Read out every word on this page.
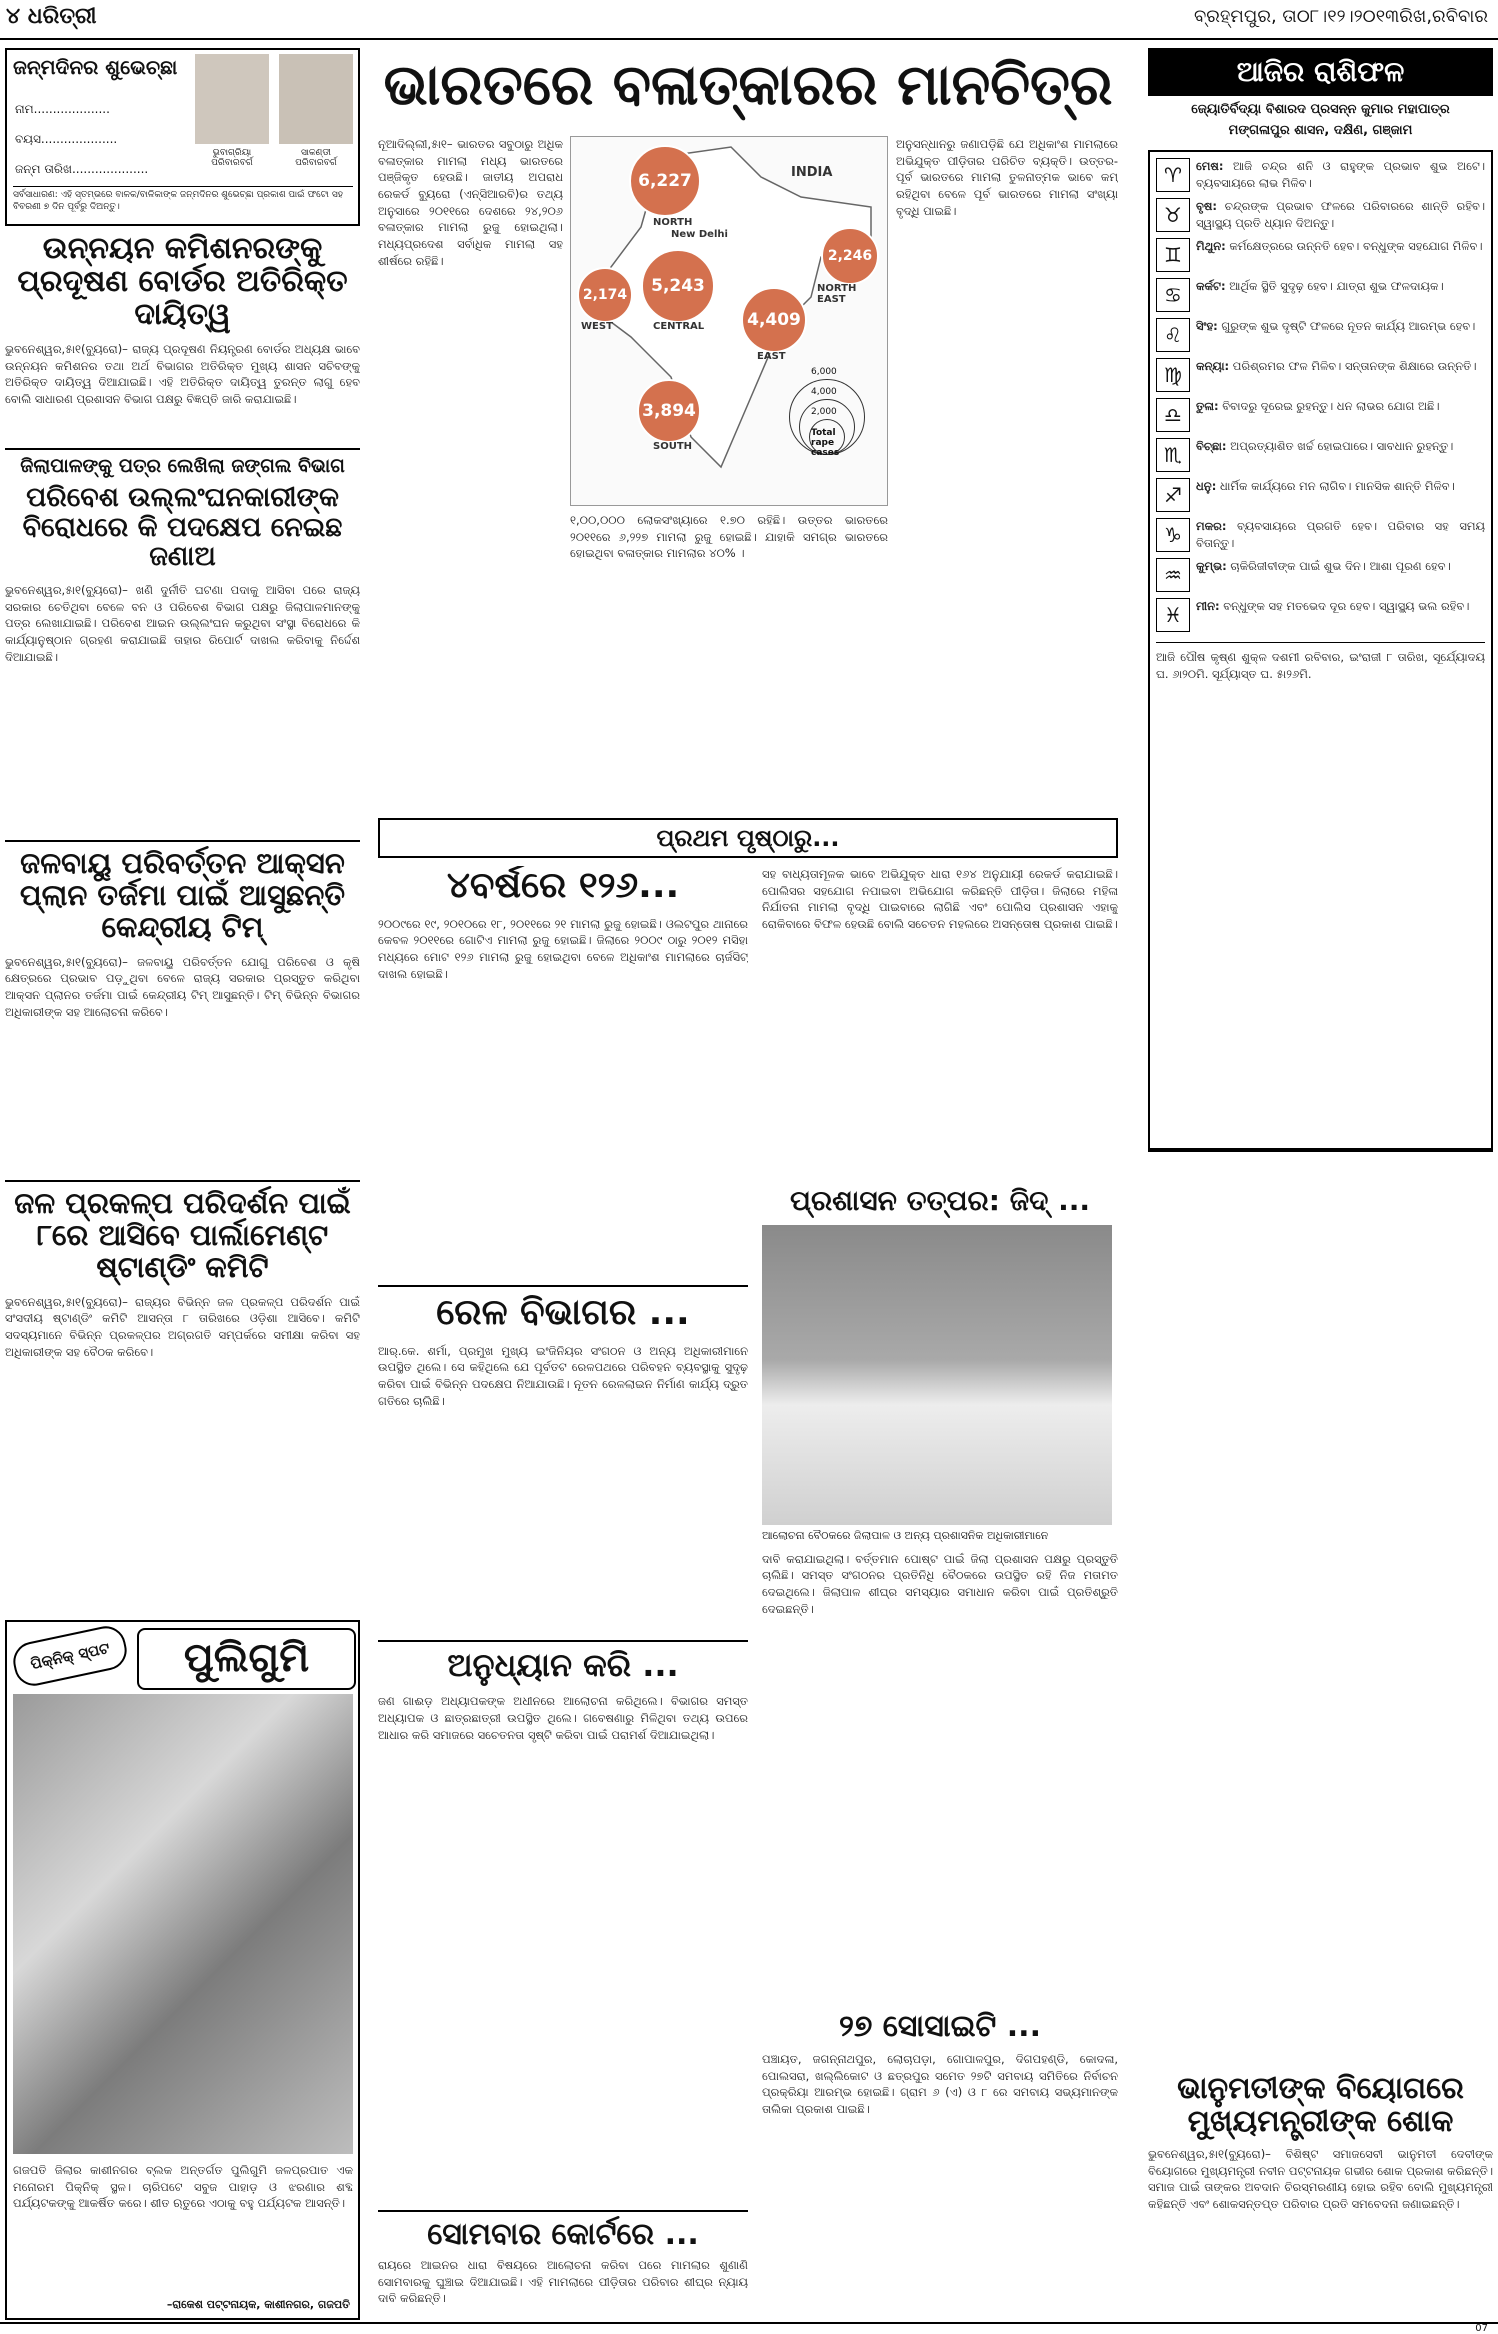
୪ ଧରିତ୍ରୀ	ବ୍ରହ୍ମପୁର, ତା୦୮।୧୨।୨୦୧୩ରିଖ,ରବିବାର
ଜନ୍ମଦିନର ଶୁଭେଚ୍ଛା
ନାମ....................
ବୟସ....................
ଜନ୍ମ ତାରିଖ....................
ଭୁବାଗ୍ରିୟା
ପରିବାରବର୍ଗ
ସାକଣ୍ଡୀ
ପରିବାରବର୍ଗ
ସର୍ବସାଧାରଣ: ଏହି ସ୍ତମ୍ଭରେ ବାଳକ/ବାଳିକାଙ୍କ ଜନ୍ମଦିନର ଶୁଭେଚ୍ଛା ପ୍ରକାଶ ପାଇଁ ଫଟୋ ସହ ବିବରଣୀ ୭ ଦିନ ପୂର୍ବରୁ ଦିଅନ୍ତୁ।
ଉନ୍ନୟନ କମିଶନରଙ୍କୁ ପ୍ରଦୂଷଣ ବୋର୍ଡର ଅତିରିକ୍ତ ଦାୟିତ୍ୱ
ଭୁବନେଶ୍ୱର,୫ା୧(ବ୍ୟୁରୋ)– ରାଜ୍ୟ ପ୍ରଦୂଷଣ ନିୟନ୍ତ୍ରଣ ବୋର୍ଡର ଅଧ୍ୟକ୍ଷ ଭାବେ ଉନ୍ନୟନ କମିଶନର ତଥା ଅର୍ଥ ବିଭାଗର ଅତିରିକ୍ତ ମୁଖ୍ୟ ଶାସନ ସଚିବଙ୍କୁ ଅତିରିକ୍ତ ଦାୟିତ୍ୱ ଦିଆଯାଇଛି। ଏହି ଅତିରିକ୍ତ ଦାୟିତ୍ୱ ତୁରନ୍ତ ଲାଗୁ ହେବ ବୋଲି ସାଧାରଣ ପ୍ରଶାସନ ବିଭାଗ ପକ୍ଷରୁ ବିଜ୍ଞପ୍ତି ଜାରି କରାଯାଇଛି।
ଜିଲାପାଳଙ୍କୁ ପତ୍ର ଲେଖିଲା ଜଙ୍ଗଲ ବିଭାଗ
ପରିବେଶ ଉଲ୍ଲଂଘନକାରୀଙ୍କ ବିରୋଧରେ କି ପଦକ୍ଷେପ ନେଇଛ ଜଣାଅ
ଭୁବନେଶ୍ୱର,୫ା୧(ବ୍ୟୁରୋ)– ଖଣି ଦୁର୍ନୀତି ଘଟଣା ପଦାକୁ ଆସିବା ପରେ ରାଜ୍ୟ ସରକାର ଚେତିଥିବା ବେଳେ ବନ ଓ ପରିବେଶ ବିଭାଗ ପକ୍ଷରୁ ଜିଲାପାଳମାନଙ୍କୁ ପତ୍ର ଲେଖାଯାଇଛି। ପରିବେଶ ଆଇନ ଉଲ୍ଲଂଘନ କରୁଥିବା ସଂସ୍ଥା ବିରୋଧରେ କି କାର୍ଯ୍ୟାନୁଷ୍ଠାନ ଗ୍ରହଣ କରାଯାଇଛି ତାହାର ରିପୋର୍ଟ ଦାଖଲ କରିବାକୁ ନିର୍ଦ୍ଦେଶ ଦିଆଯାଇଛି।
ଜଳବାୟୁ ପରିବର୍ତ୍ତନ ଆକ୍ସନ ପ୍ଲାନ ତର୍ଜମା ପାଇଁ ଆସୁଛନ୍ତି କେନ୍ଦ୍ରୀୟ ଟିମ୍
ଭୁବନେଶ୍ୱର,୫ା୧(ବ୍ୟୁରୋ)– ଜଳବାୟୁ ପରିବର୍ତ୍ତନ ଯୋଗୁ ପରିବେଶ ଓ କୃଷି କ୍ଷେତ୍ରରେ ପ୍ରଭାବ ପଡ଼ୁଥିବା ବେଳେ ରାଜ୍ୟ ସରକାର ପ୍ରସ୍ତୁତ କରିଥିବା ଆକ୍ସନ ପ୍ଲାନର ତର୍ଜମା ପାଇଁ କେନ୍ଦ୍ରୀୟ ଟିମ୍ ଆସୁଛନ୍ତି। ଟିମ୍ ବିଭିନ୍ନ ବିଭାଗର ଅଧିକାରୀଙ୍କ ସହ ଆଲୋଚନା କରିବେ।
ଜଳ ପ୍ରକଳ୍ପ ପରିଦର୍ଶନ ପାଇଁ ୮ରେ ଆସିବେ ପାର୍ଲାମେଣ୍ଟ ଷ୍ଟାଣ୍ଡିଂ କମିଟି
ଭୁବନେଶ୍ୱର,୫ା୧(ବ୍ୟୁରୋ)– ରାଜ୍ୟର ବିଭିନ୍ନ ଜଳ ପ୍ରକଳ୍ପ ପରିଦର୍ଶନ ପାଇଁ ସଂସଦୀୟ ଷ୍ଟାଣ୍ଡିଂ କମିଟି ଆସନ୍ତା ୮ ତାରିଖରେ ଓଡ଼ିଶା ଆସିବେ। କମିଟି ସଦସ୍ୟମାନେ ବିଭିନ୍ନ ପ୍ରକଳ୍ପର ଅଗ୍ରଗତି ସମ୍ପର୍କରେ ସମୀକ୍ଷା କରିବା ସହ ଅଧିକାରୀଙ୍କ ସହ ବୈଠକ କରିବେ।
ପିକ୍‌ନିକ୍ ସ୍ପଟ	ପୁଲିଗୁମି
ଗଜପତି ଜିଲାର କାଶୀନଗର ବ୍ଲକ ଅନ୍ତର୍ଗତ ପୁଲିଗୁମି ଜଳପ୍ରପାତ ଏକ ମନୋରମ ପିକ୍‌ନିକ୍ ସ୍ଥଳ। ଚାରିପଟେ ସବୁଜ ପାହାଡ଼ ଓ ଝରଣାର ଶବ୍ଦ ପର୍ଯ୍ୟଟକଙ୍କୁ ଆକର୍ଷିତ କରେ। ଶୀତ ଋତୁରେ ଏଠାକୁ ବହୁ ପର୍ଯ୍ୟଟକ ଆସନ୍ତି।
–ରାକେଶ ପଟ୍ଟନାୟକ, କାଶୀନଗର, ଗଜପତି
ଭାରତରେ ବଳାତ୍କାରର ମାନଚିତ୍ର
ନୂଆଦିଲ୍ଲୀ,୫ା୧– ଭାରତର ସବୁଠାରୁ ଅଧିକ ବଳାତ୍କାର ମାମଲା ମଧ୍ୟ ଭାରତରେ ପଞ୍ଜିକୃତ ହେଉଛି। ଜାତୀୟ ଅପରାଧ ରେକର୍ଡ ବ୍ୟୁରୋ (ଏନ୍‌ସିଆରବି)ର ତଥ୍ୟ ଅନୁସାରେ ୨୦୧୧ରେ ଦେଶରେ ୨୪,୨୦୬ ବଳାତ୍କାର ମାମଲା ରୁଜୁ ହୋଇଥିଲା। ମଧ୍ୟପ୍ରଦେଶ ସର୍ବାଧିକ ମାମଲା ସହ ଶୀର୍ଷରେ ରହିଛି।
INDIA
New Delhi
6,227
NORTH
2,174
WEST
5,243
CENTRAL	4,409
EAST
3,894
SOUTH
2,246
NORTH EAST
6,000
4,000
2,000
Total rape cases
୧,୦୦,୦୦୦ ଲୋକସଂଖ୍ୟାରେ ୧.୭୦ ରହିଛି। ଉତ୍ତର ଭାରତରେ ୨୦୧୧ରେ ୬,୨୨୭ ମାମଲା ରୁଜୁ ହୋଇଛି। ଯାହାକି ସମଗ୍ର ଭାରତରେ ହୋଇଥିବା ବଳାତ୍କାର ମାମଲାର ୪୦% ।
ଅନୁସନ୍ଧାନରୁ ଜଣାପଡ଼ିଛି ଯେ ଅଧିକାଂଶ ମାମଲାରେ ଅଭିଯୁକ୍ତ ପୀଡ଼ିତାର ପରିଚିତ ବ୍ୟକ୍ତି। ଉତ୍ତର-ପୂର୍ବ ଭାରତରେ ମାମଲା ତୁଳନାତ୍ମକ ଭାବେ କମ୍ ରହିଥିବା ବେଳେ ପୂର୍ବ ଭାରତରେ ମାମଲା ସଂଖ୍ୟା ବୃଦ୍ଧି ପାଇଛି।
ପ୍ରଥମ ପୃଷ୍ଠାରୁ...
୪ବର୍ଷରେ ୧୨୬...
୨୦୦୯ରେ ୧୯, ୨୦୧୦ରେ ୧୮, ୨୦୧୧ରେ ୨୧ ମାମଲା ରୁଜୁ ହୋଇଛି। ଓଲଟପୁର ଥାନାରେ କେବଳ ୨୦୧୧ରେ ଗୋଟିଏ ମାମଲା ରୁଜୁ ହୋଇଛି। ଜିଲାରେ ୨୦୦୯ ଠାରୁ ୨୦୧୨ ମସିହା ମଧ୍ୟରେ ମୋଟ ୧୨୬ ମାମଲା ରୁଜୁ ହୋଇଥିବା ବେଳେ ଅଧିକାଂଶ ମାମଲାରେ ଚାର୍ଜସିଟ୍ ଦାଖଲ ହୋଇଛି।
ରେଳ ବିଭାଗର ...
ଆର୍‌.କେ. ଶର୍ମା, ପ୍ରମୁଖ ମୁଖ୍ୟ ଇଂଜିନିୟର ସଂଗଠନ ଓ ଅନ୍ୟ ଅଧିକାରୀମାନେ ଉପସ୍ଥିତ ଥିଲେ। ସେ କହିଥିଲେ ଯେ ପୂର୍ବତଟ ରେଳପଥରେ ପରିବହନ ବ୍ୟବସ୍ଥାକୁ ସୁଦୃଢ଼ କରିବା ପାଇଁ ବିଭିନ୍ନ ପଦକ୍ଷେପ ନିଆଯାଉଛି। ନୂତନ ରେଳଲାଇନ ନିର୍ମାଣ କାର୍ଯ୍ୟ ଦ୍ରୁତ ଗତିରେ ଚାଲିଛି।
ଅନୁଧ୍ୟାନ କରି ...
ଜଣ ଗାଈଡ଼ ଅଧ୍ୟାପକଙ୍କ ଅଧୀନରେ ଆଲୋଚନା କରିଥିଲେ। ବିଭାଗର ସମସ୍ତ ଅଧ୍ୟାପକ ଓ ଛାତ୍ରଛାତ୍ରୀ ଉପସ୍ଥିତ ଥିଲେ। ଗବେଷଣାରୁ ମିଳିଥିବା ତଥ୍ୟ ଉପରେ ଆଧାର କରି ସମାଜରେ ସଚେତନତା ସୃଷ୍ଟି କରିବା ପାଇଁ ପରାମର୍ଶ ଦିଆଯାଇଥିଲା।
ସୋମବାର କୋର୍ଟରେ ...
ରାୟରେ ଆଇନର ଧାରା ବିଷୟରେ ଆଲୋଚନା କରିବା ପରେ ମାମଲାର ଶୁଣାଣି ସୋମବାରକୁ ଘୁଞ୍ଚାଇ ଦିଆଯାଇଛି। ଏହି ମାମଲାରେ ପୀଡ଼ିତାର ପରିବାର ଶୀଘ୍ର ନ୍ୟାୟ ଦାବି କରିଛନ୍ତି।
ସହ ବାଧ୍ୟତାମୂଳକ ଭାବେ ଅଭିଯୁକ୍ତ ଧାରା ୧୬୪ ଅନୁଯାୟୀ ରେକର୍ଡ କରାଯାଇଛି। ପୋଲିସର ସହଯୋଗ ନପାଇବା ଅଭିଯୋଗ କରିଛନ୍ତି ପୀଡ଼ିତା। ଜିଲାରେ ମହିଳା ନିର୍ଯାତନା ମାମଲା ବୃଦ୍ଧି ପାଇବାରେ ଲାଗିଛି ଏବଂ ପୋଲିସ ପ୍ରଶାସନ ଏହାକୁ ରୋକିବାରେ ବିଫଳ ହେଉଛି ବୋଲି ସଚେତନ ମହଲରେ ଅସନ୍ତୋଷ ପ୍ରକାଶ ପାଇଛି।
ପ୍ରଶାସନ ତତ୍ପର: ଜିଦ୍ ...
ଆଲୋଚନା ବୈଠକରେ ଜିଲାପାଳ ଓ ଅନ୍ୟ ପ୍ରଶାସନିକ ଅଧିକାରୀମାନେ
ଦାବି କରାଯାଇଥିଲା। ବର୍ତ୍ତମାନ ପୋଷ୍ଟ ପାଇଁ ଜିଲା ପ୍ରଶାସନ ପକ୍ଷରୁ ପ୍ରସ୍ତୁତି ଚାଲିଛି। ସମସ୍ତ ସଂଗଠନର ପ୍ରତିନିଧି ବୈଠକରେ ଉପସ୍ଥିତ ରହି ନିଜ ମତାମତ ଦେଇଥିଲେ। ଜିଲାପାଳ ଶୀଘ୍ର ସମସ୍ୟାର ସମାଧାନ କରିବା ପାଇଁ ପ୍ରତିଶ୍ରୁତି ଦେଇଛନ୍ତି।
୨୭ ସୋସାଇଟି ...
ପଞ୍ଚାୟତ, ଜଗନ୍ନାଥପୁର, ଲୋଚାପଡ଼ା, ଗୋପାଳପୁର, ଦିଗପହଣ୍ଡି, କୋଦଳା, ପୋଲସରା, ଖଲ୍ଲିକୋଟ ଓ ଛତ୍ରପୁର ସମେତ ୨୭ଟି ସମବାୟ ସମିତିରେ ନିର୍ବାଚନ ପ୍ରକ୍ରିୟା ଆରମ୍ଭ ହୋଇଛି। ଗ୍ରାମ ୬ (ଏ) ଓ ୮ ରେ ସମବାୟ ସଭ୍ୟମାନଙ୍କ ତାଲିକା ପ୍ରକାଶ ପାଇଛି।
ଆଜିର ରାଶିଫଳ
ଜ୍ୟୋତିର୍ବିଦ୍ୟା ବିଶାରଦ ପ୍ରସନ୍ନ କୁମାର ମହାପାତ୍ର
ମଙ୍ଗଳାପୁର ଶାସନ, ଦକ୍ଷିଣ, ଗଞ୍ଜାମ
♈	ମେଷ: ଆଜି ଚନ୍ଦ୍ର ଶନି ଓ ରାହୁଙ୍କ ପ୍ରଭାବ ଶୁଭ ଅଟେ। ବ୍ୟବସାୟରେ ଲାଭ ମିଳିବ।
♉	ବୃଷ: ଚନ୍ଦ୍ରଙ୍କ ପ୍ରଭାବ ଫଳରେ ପରିବାରରେ ଶାନ୍ତି ରହିବ। ସ୍ୱାସ୍ଥ୍ୟ ପ୍ରତି ଧ୍ୟାନ ଦିଅନ୍ତୁ।
♊	ମିଥୁନ: କର୍ମକ୍ଷେତ୍ରରେ ଉନ୍ନତି ହେବ। ବନ୍ଧୁଙ୍କ ସହଯୋଗ ମିଳିବ।
♋	କର୍କଟ: ଆର୍ଥିକ ସ୍ଥିତି ସୁଦୃଢ଼ ହେବ। ଯାତ୍ରା ଶୁଭ ଫଳଦାୟକ।
♌	ସିଂହ: ଗୁରୁଙ୍କ ଶୁଭ ଦୃଷ୍ଟି ଫଳରେ ନୂତନ କାର୍ଯ୍ୟ ଆରମ୍ଭ ହେବ।
♍	କନ୍ୟା: ପରିଶ୍ରମର ଫଳ ମିଳିବ। ସନ୍ତାନଙ୍କ ଶିକ୍ଷାରେ ଉନ୍ନତି।
♎	ତୁଳା: ବିବାଦରୁ ଦୂରେଇ ରୁହନ୍ତୁ। ଧନ ଲାଭର ଯୋଗ ଅଛି।
♏	ବିଚ୍ଛା: ଅପ୍ରତ୍ୟାଶିତ ଖର୍ଚ୍ଚ ହୋଇପାରେ। ସାବଧାନ ରୁହନ୍ତୁ।
♐	ଧନୁ: ଧାର୍ମିକ କାର୍ଯ୍ୟରେ ମନ ଲାଗିବ। ମାନସିକ ଶାନ୍ତି ମିଳିବ।
♑	ମକର: ବ୍ୟବସାୟରେ ପ୍ରଗତି ହେବ। ପରିବାର ସହ ସମୟ ବିତାନ୍ତୁ।
♒	କୁମ୍ଭ: ଚାକିରିଜୀବୀଙ୍କ ପାଇଁ ଶୁଭ ଦିନ। ଆଶା ପୂରଣ ହେବ।
♓	ମୀନ: ବନ୍ଧୁଙ୍କ ସହ ମତଭେଦ ଦୂର ହେବ। ସ୍ୱାସ୍ଥ୍ୟ ଭଲ ରହିବ।
ଆଜି ପୌଷ କୃଷ୍ଣ ଶୁକ୍ଳ ଦଶମୀ ରବିବାର, ଇଂରାଜୀ ୮ ତାରିଖ, ସୂର୍ଯ୍ୟୋଦୟ ଘ. ୬ା୨୦ମି. ସୂର୍ଯ୍ୟାସ୍ତ ଘ. ୫ା୨୬ମି.
ଭାନୁମତୀଙ୍କ ବିୟୋଗରେ ମୁଖ୍ୟମନ୍ତ୍ରୀଙ୍କ ଶୋକ
ଭୁବନେଶ୍ୱର,୫ା୧(ବ୍ୟୁରୋ)– ବିଶିଷ୍ଟ ସମାଜସେବୀ ଭାନୁମତୀ ଦେବୀଙ୍କ ବିୟୋଗରେ ମୁଖ୍ୟମନ୍ତ୍ରୀ ନବୀନ ପଟ୍ଟନାୟକ ଗଭୀର ଶୋକ ପ୍ରକାଶ କରିଛନ୍ତି। ସମାଜ ପାଇଁ ତାଙ୍କର ଅବଦାନ ଚିରସ୍ମରଣୀୟ ହୋଇ ରହିବ ବୋଲି ମୁଖ୍ୟମନ୍ତ୍ରୀ କହିଛନ୍ତି ଏବଂ ଶୋକସନ୍ତପ୍ତ ପରିବାର ପ୍ରତି ସମବେଦନା ଜଣାଇଛନ୍ତି।
07
